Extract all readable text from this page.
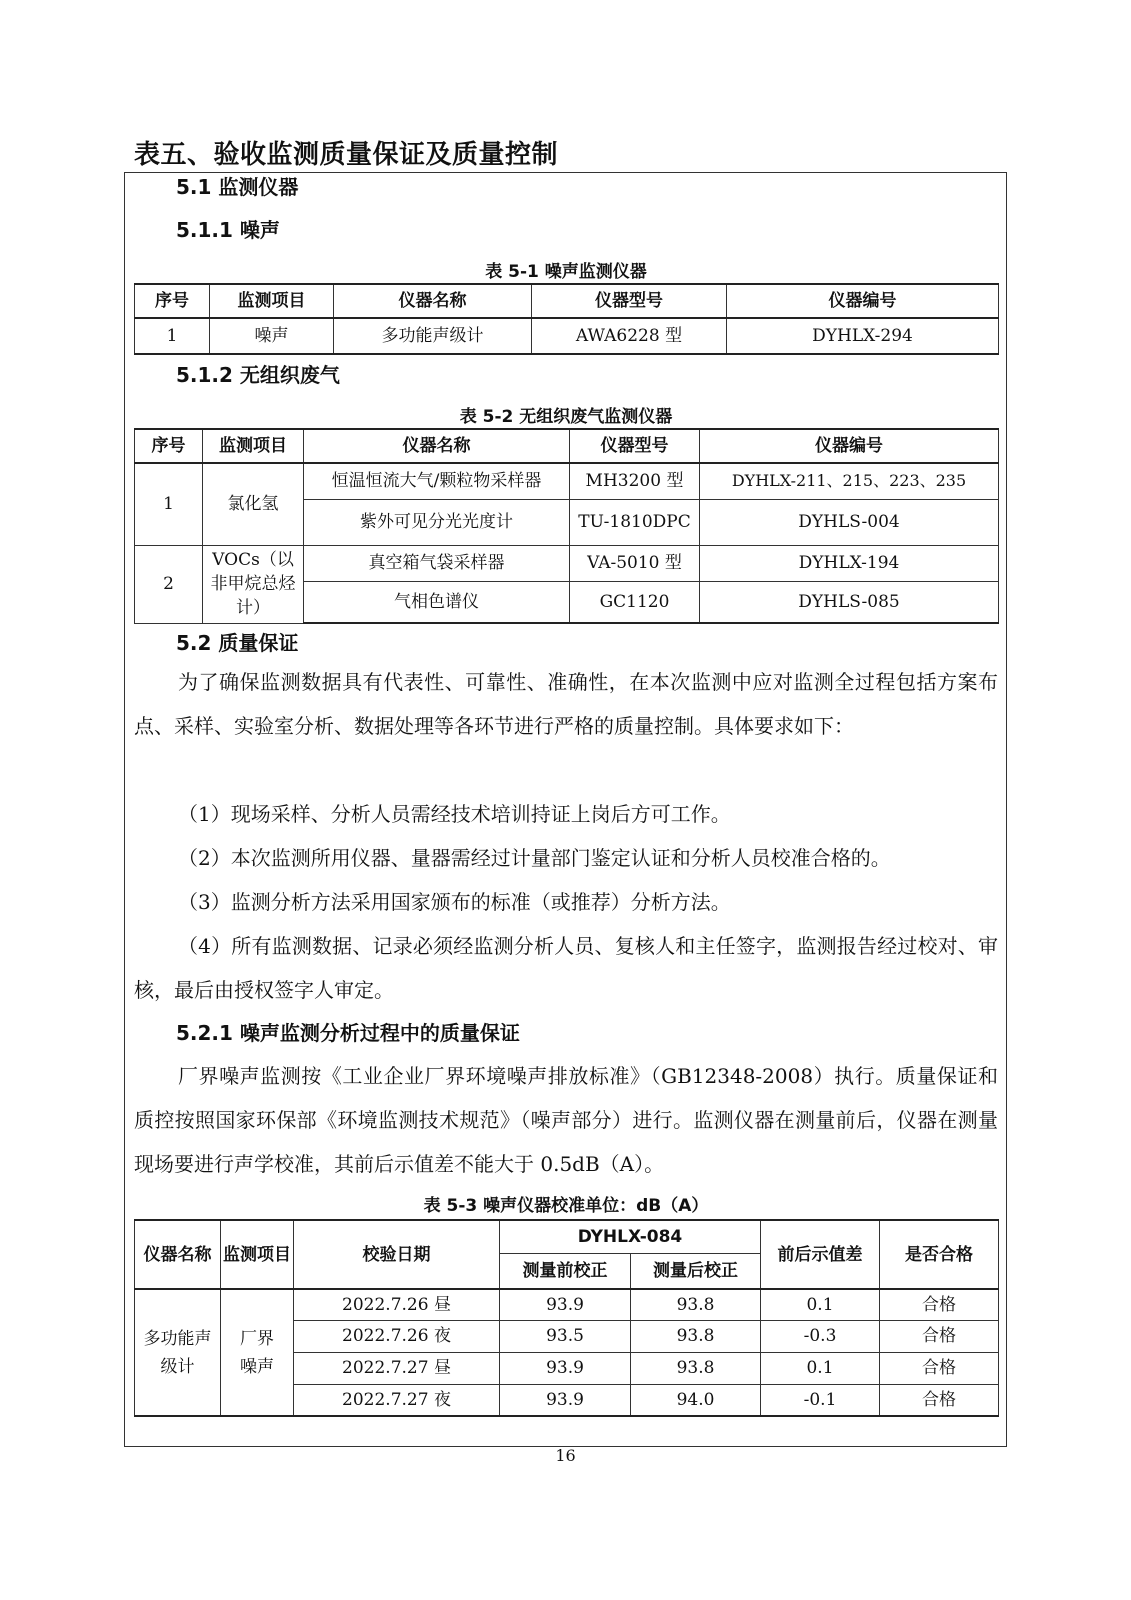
表五、验收监测质量保证及质量控制

5.1 监测仪器

5.1.1 噪声

表 5-1 噪声监测仪器

序号	监测项目	仪器名称	仪器型号	仪器编号
1	噪声	多功能声级计	AWA6228 型	DYHLX-294

5.1.2 无组织废气

表 5-2 无组织废气监测仪器

序号	监测项目	仪器名称	仪器型号	仪器编号
1	氯化氢	恒温恒流大气/颗粒物采样器	MH3200 型	DYHLX-211、215、223、235
		紫外可见分光光度计	TU-1810DPC	DYHLS-004
2	VOCs（以非甲烷总烃计）	真空箱气袋采样器	VA-5010 型	DYHLX-194
		气相色谱仪	GC1120	DYHLS-085

5.2 质量保证

为了确保监测数据具有代表性、可靠性、准确性，在本次监测中应对监测全过程包括方案布点、采样、实验室分析、数据处理等各环节进行严格的质量控制。具体要求如下：

（1）现场采样、分析人员需经技术培训持证上岗后方可工作。

（2）本次监测所用仪器、量器需经过计量部门鉴定认证和分析人员校准合格的。

（3）监测分析方法采用国家颁布的标准（或推荐）分析方法。

（4）所有监测数据、记录必须经监测分析人员、复核人和主任签字，监测报告经过校对、审核，最后由授权签字人审定。

5.2.1 噪声监测分析过程中的质量保证

厂界噪声监测按《工业企业厂界环境噪声排放标准》（GB12348-2008）执行。质量保证和质控按照国家环保部《环境监测技术规范》（噪声部分）进行。监测仪器在测量前后，仪器在测量现场要进行声学校准，其前后示值差不能大于 0.5dB（A）。

表 5-3 噪声仪器校准单位：dB（A）

仪器名称	监测项目	校验日期	DYHLX-084		前后示值差	是否合格
			测量前校正	测量后校正		
多功能声级计	厂界噪声	2022.7.26 昼	93.9	93.8	0.1	合格
		2022.7.26 夜	93.5	93.8	-0.3	合格
		2022.7.27 昼	93.9	93.8	0.1	合格
		2022.7.27 夜	93.9	94.0	-0.1	合格
16
